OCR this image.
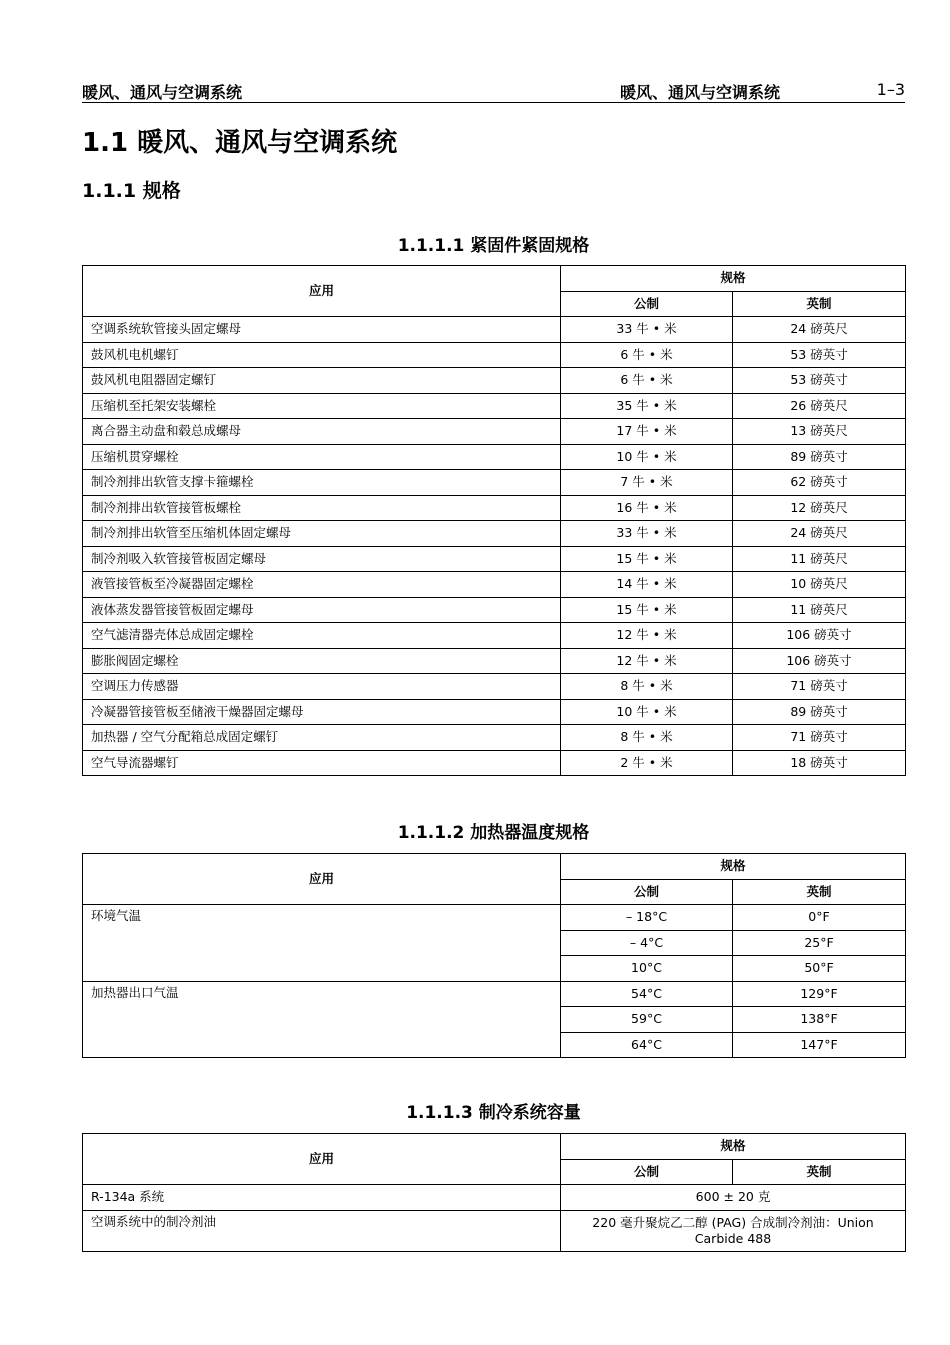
暖风、通风与空调系统	暖风、通风与空调系统	1–3
1.1 暖风、通风与空调系统
1.1.1 规格
1.1.1.1 紧固件紧固规格
应用	规格	
	公制	英制
空调系统软管接头固定螺母	33 牛 • 米	24 磅英尺
鼓风机电机螺钉	6 牛 • 米	53 磅英寸
鼓风机电阻器固定螺钉	6 牛 • 米	53 磅英寸
压缩机至托架安装螺栓	35 牛 • 米	26 磅英尺
离合器主动盘和毂总成螺母	17 牛 • 米	13 磅英尺
压缩机贯穿螺栓	10 牛 • 米	89 磅英寸
制冷剂排出软管支撑卡箍螺栓	7 牛 • 米	62 磅英寸
制冷剂排出软管接管板螺栓	16 牛 • 米	12 磅英尺
制冷剂排出软管至压缩机体固定螺母	33 牛 • 米	24 磅英尺
制冷剂吸入软管接管板固定螺母	15 牛 • 米	11 磅英尺
液管接管板至冷凝器固定螺栓	14 牛 • 米	10 磅英尺
液体蒸发器管接管板固定螺母	15 牛 • 米	11 磅英尺
空气滤清器壳体总成固定螺栓	12 牛 • 米	106 磅英寸
膨胀阀固定螺栓	12 牛 • 米	106 磅英寸
空调压力传感器	8 牛 • 米	71 磅英寸
冷凝器管接管板至储液干燥器固定螺母	10 牛 • 米	89 磅英寸
加热器 / 空气分配箱总成固定螺钉	8 牛 • 米	71 磅英寸
空气导流器螺钉	2 牛 • 米	18 磅英寸
1.1.1.2 加热器温度规格
应用	规格	
	公制	英制
环境气温	– 18°C	0°F
	– 4°C	25°F
	10°C	50°F
加热器出口气温	54°C	129°F
	59°C	138°F
	64°C	147°F
1.1.1.3 制冷系统容量
应用	规格	
	公制	英制
R-134a 系统	600 ± 20 克	
空调系统中的制冷剂油	220 毫升聚烷乙二醇 (PAG) 合成制冷剂油：Union Carbide 488	
